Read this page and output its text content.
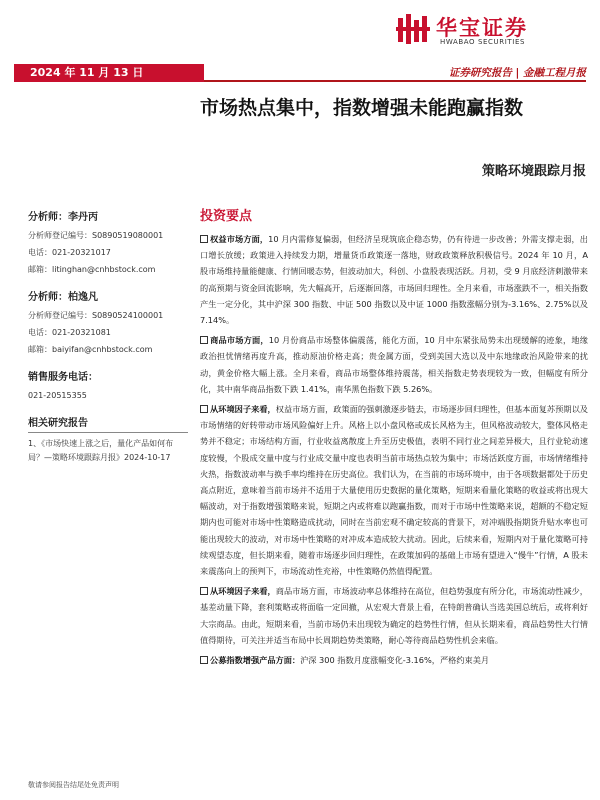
华宝证券
HWABAO SECURITIES
2024 年 11 月 13 日	证券研究报告 | 金融工程月报
市场热点集中，指数增强未能跑赢指数
策略环境跟踪月报
分析师：李丹丙
分析师登记编号：S0890519080001
电话：021-20321017
邮箱：litinghan@cnhbstock.com
分析师：柏逸凡
分析师登记编号：S0890524100001
电话：021-20321081
邮箱：baiyifan@cnhbstock.com
销售服务电话：
021-20515355
相关研究报告
1、《市场快速上涨之后，量化产品如何布局？—策略环境跟踪月报》2024-10-17
投资要点
权益市场方面，10 月内需修复偏弱，但经济呈现筑底企稳态势，仍有待进一步改善；外需支撑走弱，出口增长放缓；政策进入持续发力期，增量货币政策逐一落地，财政政策释放积极信号。2024 年 10 月，A 股市场维持量能健康、行情回暖态势，但波动加大，科创、小盘股表现活跃。月初，受 9 月底经济刺激带来的高预期与资金回流影响，先大幅高开，后逐渐回落，市场回归理性。全月来看，市场涨跌不一，相关指数产生一定分化，其中沪深 300 指数、中证 500 指数以及中证 1000 指数涨幅分别为-3.16%、2.75%以及 7.14%。
商品市场方面，10 月份商品市场整体偏震荡，能化方面，10 月中东紧张局势未出现缓解的迹象，地缘政治担忧情绪再度升高，推动原油价格走高；贵金属方面，受到美国大选以及中东地缘政治风险带来的扰动，黄金价格大幅上涨。全月来看，商品市场整体维持震荡，相关指数走势表现较为一致，但幅度有所分化，其中南华商品指数下跌 1.41%，南华黑色指数下跌 5.26%。
从环境因子来看，权益市场方面，政策面的强刺激逐步链去，市场逐步回归理性，但基本面复苏预期以及市场情绪的好转带动市场风险偏好上升。风格上以小盘风格或成长风格为主，但风格波动较大，整体风格走势并不稳定；市场结构方面，行业收益离散度上升至历史极值，表明不同行业之间差异极大，且行业轮动速度较慢，个股成交量中度与行业成交量中度也表明当前市场热点较为集中；市场活跃度方面，市场情绪维持火热，指数波动率与换手率均维持在历史高位。我们认为，在当前的市场环境中，由于各项数据都处于历史高点附近，意味着当前市场并不适用于大量使用历史数据的量化策略，短期来看量化策略的收益或将出现大幅波动，对于指数增强策略来说，短期之内或将难以跑赢指数，而对于市场中性策略来说，超额的不稳定短期内也可能对市场中性策略造成扰动，同时在当前宏观不确定较高的背景下，对冲端股指期货升贴水率也可能出现较大的波动，对市场中性策略的对冲成本造成较大扰动。因此，后续来看，短期内对于量化策略可持续观望态度，但长期来看，随着市场逐步回归理性，在政策加码的基础上市场有望进入“慢牛”行情，A 股未来震荡向上的预判下，市场流动性充裕，中性策略仍然值得配置。
从环境因子来看，商品市场方面，市场波动率总体维持在高位，但趋势强度有所分化，市场流动性减少，基差动量下降，套利策略或将面临一定回撤，从宏观大背景上看，在特朗普确认当选美国总统后，或将利好大宗商品。由此，短期来看，当前市场仍未出现较为确定的趋势性行情，但从长期来看，商品趋势性大行情值得期待，可关注并适当布局中长周期趋势类策略，耐心等待商品趋势性机会来临。
公募指数增强产品方面：沪深 300 指数月度涨幅变化-3.16%，严格约束美月
敬请参阅报告结尾处免责声明
